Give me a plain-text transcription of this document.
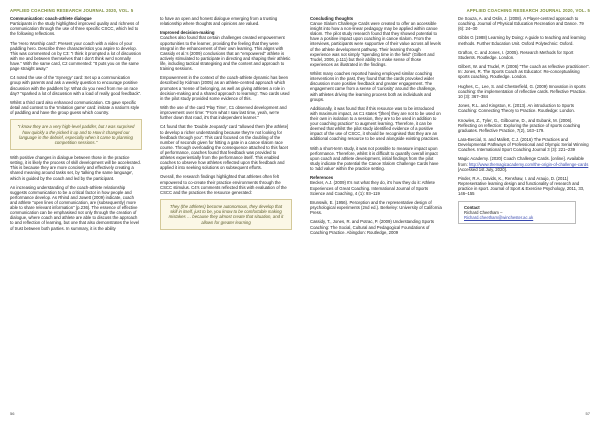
APPLIED COACHING RESEARCH JOURNAL 2020, VOL. 5
Communication: coach-athlete dialogue

Participants in the study highlighted improved quality and richness of communication through the use of three specific CSCC, which led to the following reflections.

The 'Hero Worship card': Present your coach with a video of your paddling hero. Describe three characteristics you aspire to develop. This was commented on by C3: "I think it prompted a lot of discussion with me and between themselves that I don't think we'd normally have." With the same card, C2 commented: "It puts you on the same page straight away."

C4 noted the use of the 'Synergy' card: Set up a communication group with parents and ask a weekly question to encourage positive discussion with the paddlers by: What do you need from me on race day? "sparked a lot of discussion with a load of really good feedback".

Whilst a third card also enhanced communication. C5 gave specific detail and context to the 'Imitation game' card: imitate a nation's style of paddling and have the group guess which country.

"I know they are a very high-level paddler, but I was surprised how quickly a the picked it up and to How it changed our language in the debrief, especially when it came to planning competition sessions."

With positive changes in dialogue between those in the practice setting, it is likely the process of skill development will be accelerated. This is because they are more concisely and effectively creating a shared meaning around tasks set, by 'talking the same language', which is guided by the coach and led by the participant.

An increasing understanding of the coach-athlete relationship suggests communication to be a critical factor in how people and performance develop. As Rhind and Jowett (2009) indicate, coach and athlete "open lines of communication, are (subsequently) more able to share relevant information" (p.236). The essence of effective communication can be emphasised not only through the creation of dialogue, where coach and athlete are able to discuss the approach to and reflection of learning, but one that also demonstrates the level of trust between both parties. In summary, it is the ability

to have an open and honest dialogue emerging from a trusting relationship where thoughts and opinions are valued.

Improved decision-making

Coaches also found that certain challenges created empowerment opportunities to the learner, providing the feeling that they were integral in the enhancement of their own learning. This aligns with Cassidy et al.'s (2009) conclusions that an "empowered" athlete is actively stimulated to participate in directing and shaping their athletic life, including tactical strategising and the content and approach to training sessions.

Empowerment in the context of the coach-athlete dynamic has been described by Kidman (2005) as an athlete-centred approach which promotes a 'sense of belonging, as well as giving athletes a role in decision-making and a shared approach to learning'. Two cards used in the pilot study provided some evidence of this.

With the use of the card 'Play Time', C1 observed development and improvement over time: "From what I saw last time, yeah, we're further down that road, it's that independent learner."

C4 found that the 'Double Jeopardy' card "allowed them [the athlete] to develop a richer understanding because they're not looking for feedback through you". This card focused on the doubling of the number of seconds given for hitting a gate in a canoe slalom race course. Through overloading the consequence attached to this facet of performance, coaches found that feedback was provided to athletes experientially from the performance itself. This enabled coaches to observe how athletes reflected upon this feedback and applied it into seeking solutions on subsequent efforts.

Overall, the research findings highlighted that athletes often felt empowered to co-create their practice environments through the CSCC stimulus. C4's comments reflected this with evaluation of the CSCC and the practices the resource generated:

They (the athletes) become autonomous, they develop that skill in itself, just to be, you know to be comfortable making mistakes … because they almost create that situation, and it allows for greater learning
56
APPLIED COACHING RESEARCH JOURNAL 2020, VOL. 5
Concluding thoughts

Canoe Slalom Challenge Cards were created to offer an accessible insight into how a non-linear pedagogy may be applied within canoe slalom. The pilot study research found that they showed potential to have a positive impact upon coaching in canoe slalom. From the interviews, participants were supportive of their value across all levels of the athlete development pathway. Their learning through experience was not simply "spending time in the field" (Gilbert and Trudel, 2006, p.111) but their ability to make sense of those experiences as illustrated in the findings.

Whilst many coaches reported having employed similar coaching interventions in the past, they found that the cards provoked wider discussion more positive feedback and greater engagement. The engagement came from a sense of 'curiosity' around the challenge, with athletes driving the learning process both as individuals and groups.

Additionally, it was found that if this resource was to be introduced with maximum impact, as C1 states "[then] they are not to be used on their own in isolation to a session, they are to be used in addition to your coaching practice" to augment learning. Therefore, it can be deemed that whilst the pilot study identified evidence of a positive impact of the use of CSCC, it should be recognised that they are an additional coaching resource to be used alongside existing practices.

With a short-term study, it was not possible to measure impact upon performance. Therefore, whilst it is difficult to quantify overall impact upon coach and athlete development, initial findings from the pilot study indicate the potential the Canoe Slalom Challenge Cards have to 'add value' within the practice setting.

References

Becker, A.J. (2009) It's not what they do, it's how they do it: Athlete Experiences of Great Coaching. International Journal of Sports Science and Coaching, 4 (1): 93–119

Brunswik, E. (1956). Perception and the representative design of psychological experiments (2nd ed.). Berkeley: University of California Press.

Cassidy, T., Jones, R. and Potrac, P. (2009) Understanding Sports Coaching: The Social, Cultural and Pedagogical Foundations of Coaching Practice. Abingdon: Routledge, 2009

De Souza, A. and Oslin, J. (2008). A Player-centred approach to coaching. Journal of Physical Education Recreation and Dance. 79 (6): 24–30

Gibbs G (1988) Learning by Doing: A guide to teaching and learning methods. Further Education Unit. Oxford Polytechnic: Oxford.

Grafton, C. and Jones, I. (2005). Research Methods for Sport Students. Routledge. London.

Gilbert, W. and Trudel, P. (2006) "The coach as reflective practitioner". In: Jones, R. The Sports Coach as Educator: Re-conceptualising sports coaching. Routledge. London.

Hughes, C., Lee, S. and Chesterfield, G. (2009) Innovation in sports coaching: the implementation of reflective cards. Reflective Practice. 10 (3): 367–384

Jones, R.L. and Kingston, K. (2013). An introduction to Sports Coaching: Connecting Theory to Practice. Routledge: London.

Knowles, Z., Tyler, G., Gilbourne, D., and Eubank, M. (2006). Reflecting on reflection: Exploring the practice of sports coaching graduates. Reflective Practice, 7(2), 163–179.

Lara-Bercial, S. and Mallett, C.J. (2016) The Practices and Developmental Pathways of Professional and Olympic Serial Winning Coaches. International Sport Coaching Journal 3 (3): 221–239

Magic Academy. (2020) Coach Challenge Cards. [online]. Available from: http://www.themagicacademy.com/the-origin-of-challenge-cards [Accessed 1st July, 2020].

Pinder, R.A., Davids, K., Renshaw, I. and Araujo, D. (2011) Representative learning design and functionality of research and practice in sport. Journal of Sport & Exercise Psychology, 2011, 33, 146–155

Contact
Richard Cheetham – Richard.cheetham@winchester.ac.uk
57
